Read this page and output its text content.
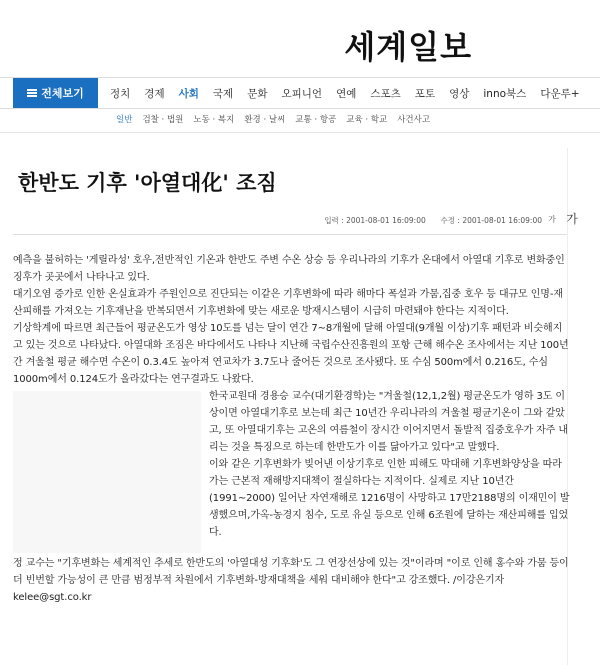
세계일보
전체보기	정치 경제 사회 국제 문화 오피니언 연예 스포츠 포토 영상 inno북스 다운루+
일반 검찰 · 법원 노동 · 복지 환경 · 날씨 교통 · 항공 교육 · 학교 사건사고
한반도 기후 '아열대化' 조짐
입력 : 2001-08-01 16:09:00 수정 : 2001-08-01 16:09:00 가 가

예측을 불허하는 '게릴라성' 호우,전반적인 기온과 한반도 주변 수온 상승 등 우리나라의 기후가 온대에서 아열대 기후로 변화중인 징후가 곳곳에서 나타나고 있다.

대기오염 증가로 인한 온실효과가 주원인으로 진단되는 이같은 기후변화에 따라 해마다 폭설과 가뭄,집중 호우 등 대규모 인명-재산피해를 가져오는 기후재난을 반복되면서 기후변화에 맞는 새로운 방재시스템이 시급히 마련돼야 한다는 지적이다.

기상학계에 따르면 최근들어 평균온도가 영상 10도를 넘는 달이 연간 7∼8개월에 달해 아열대(9개월 이상)기후 패턴과 비슷해지고 있는 것으로 나타났다. 아열대화 조짐은 바다에서도 나타나 지난해 국립수산진흥원의 포항 근해 해수온 조사에서는 지난 100년간 겨울철 평균 해수면 수온이 0.3.4도 높아져 연교차가 3.7도나 줄어든 것으로 조사됐다. 또 수심 500m에서 0.216도, 수심 1000m에서 0.124도가 올라갔다는 연구결과도 나왔다.

한국교원대 경용승 교수(대기환경학)는 "겨울철(12,1,2월) 평균온도가 영하 3도 이상이면 아열대기후로 보는데 최근 10년간 우리나라의 겨울철 평균기온이 그와 같았고, 또 아열대기후는 고온의 여름철이 장시간 이어지면서 돌발적 집중호우가 자주 내리는 것을 특징으로 하는데 한반도가 이를 닮아가고 있다"고 말했다.

이와 같은 기후변화가 빚어낸 이상기후로 인한 피해도 막대해 기후변화양상을 따라가는 근본적 재해방지대책이 절실하다는 지적이다. 실제로 지난 10년간(1991∼2000) 일어난 자연재해로 1216명이 사망하고 17만2188명의 이재민이 발생했으며,가옥-농경지 침수, 도로 유실 등으로 인해 6조원에 달하는 재산피해를 입었다.

정 교수는 "기후변화는 세계적인 추세로 한반도의 '아열대성 기후화'도 그 연장선상에 있는 것"이라며 "이로 인해 홍수와 가뭄 등이 더 빈번할 가능성이 큰 만큼 범정부적 차원에서 기후변화-방재대책을 세워 대비해야 한다"고 강조했다. /이강은기자 kelee@sgt.co.kr
